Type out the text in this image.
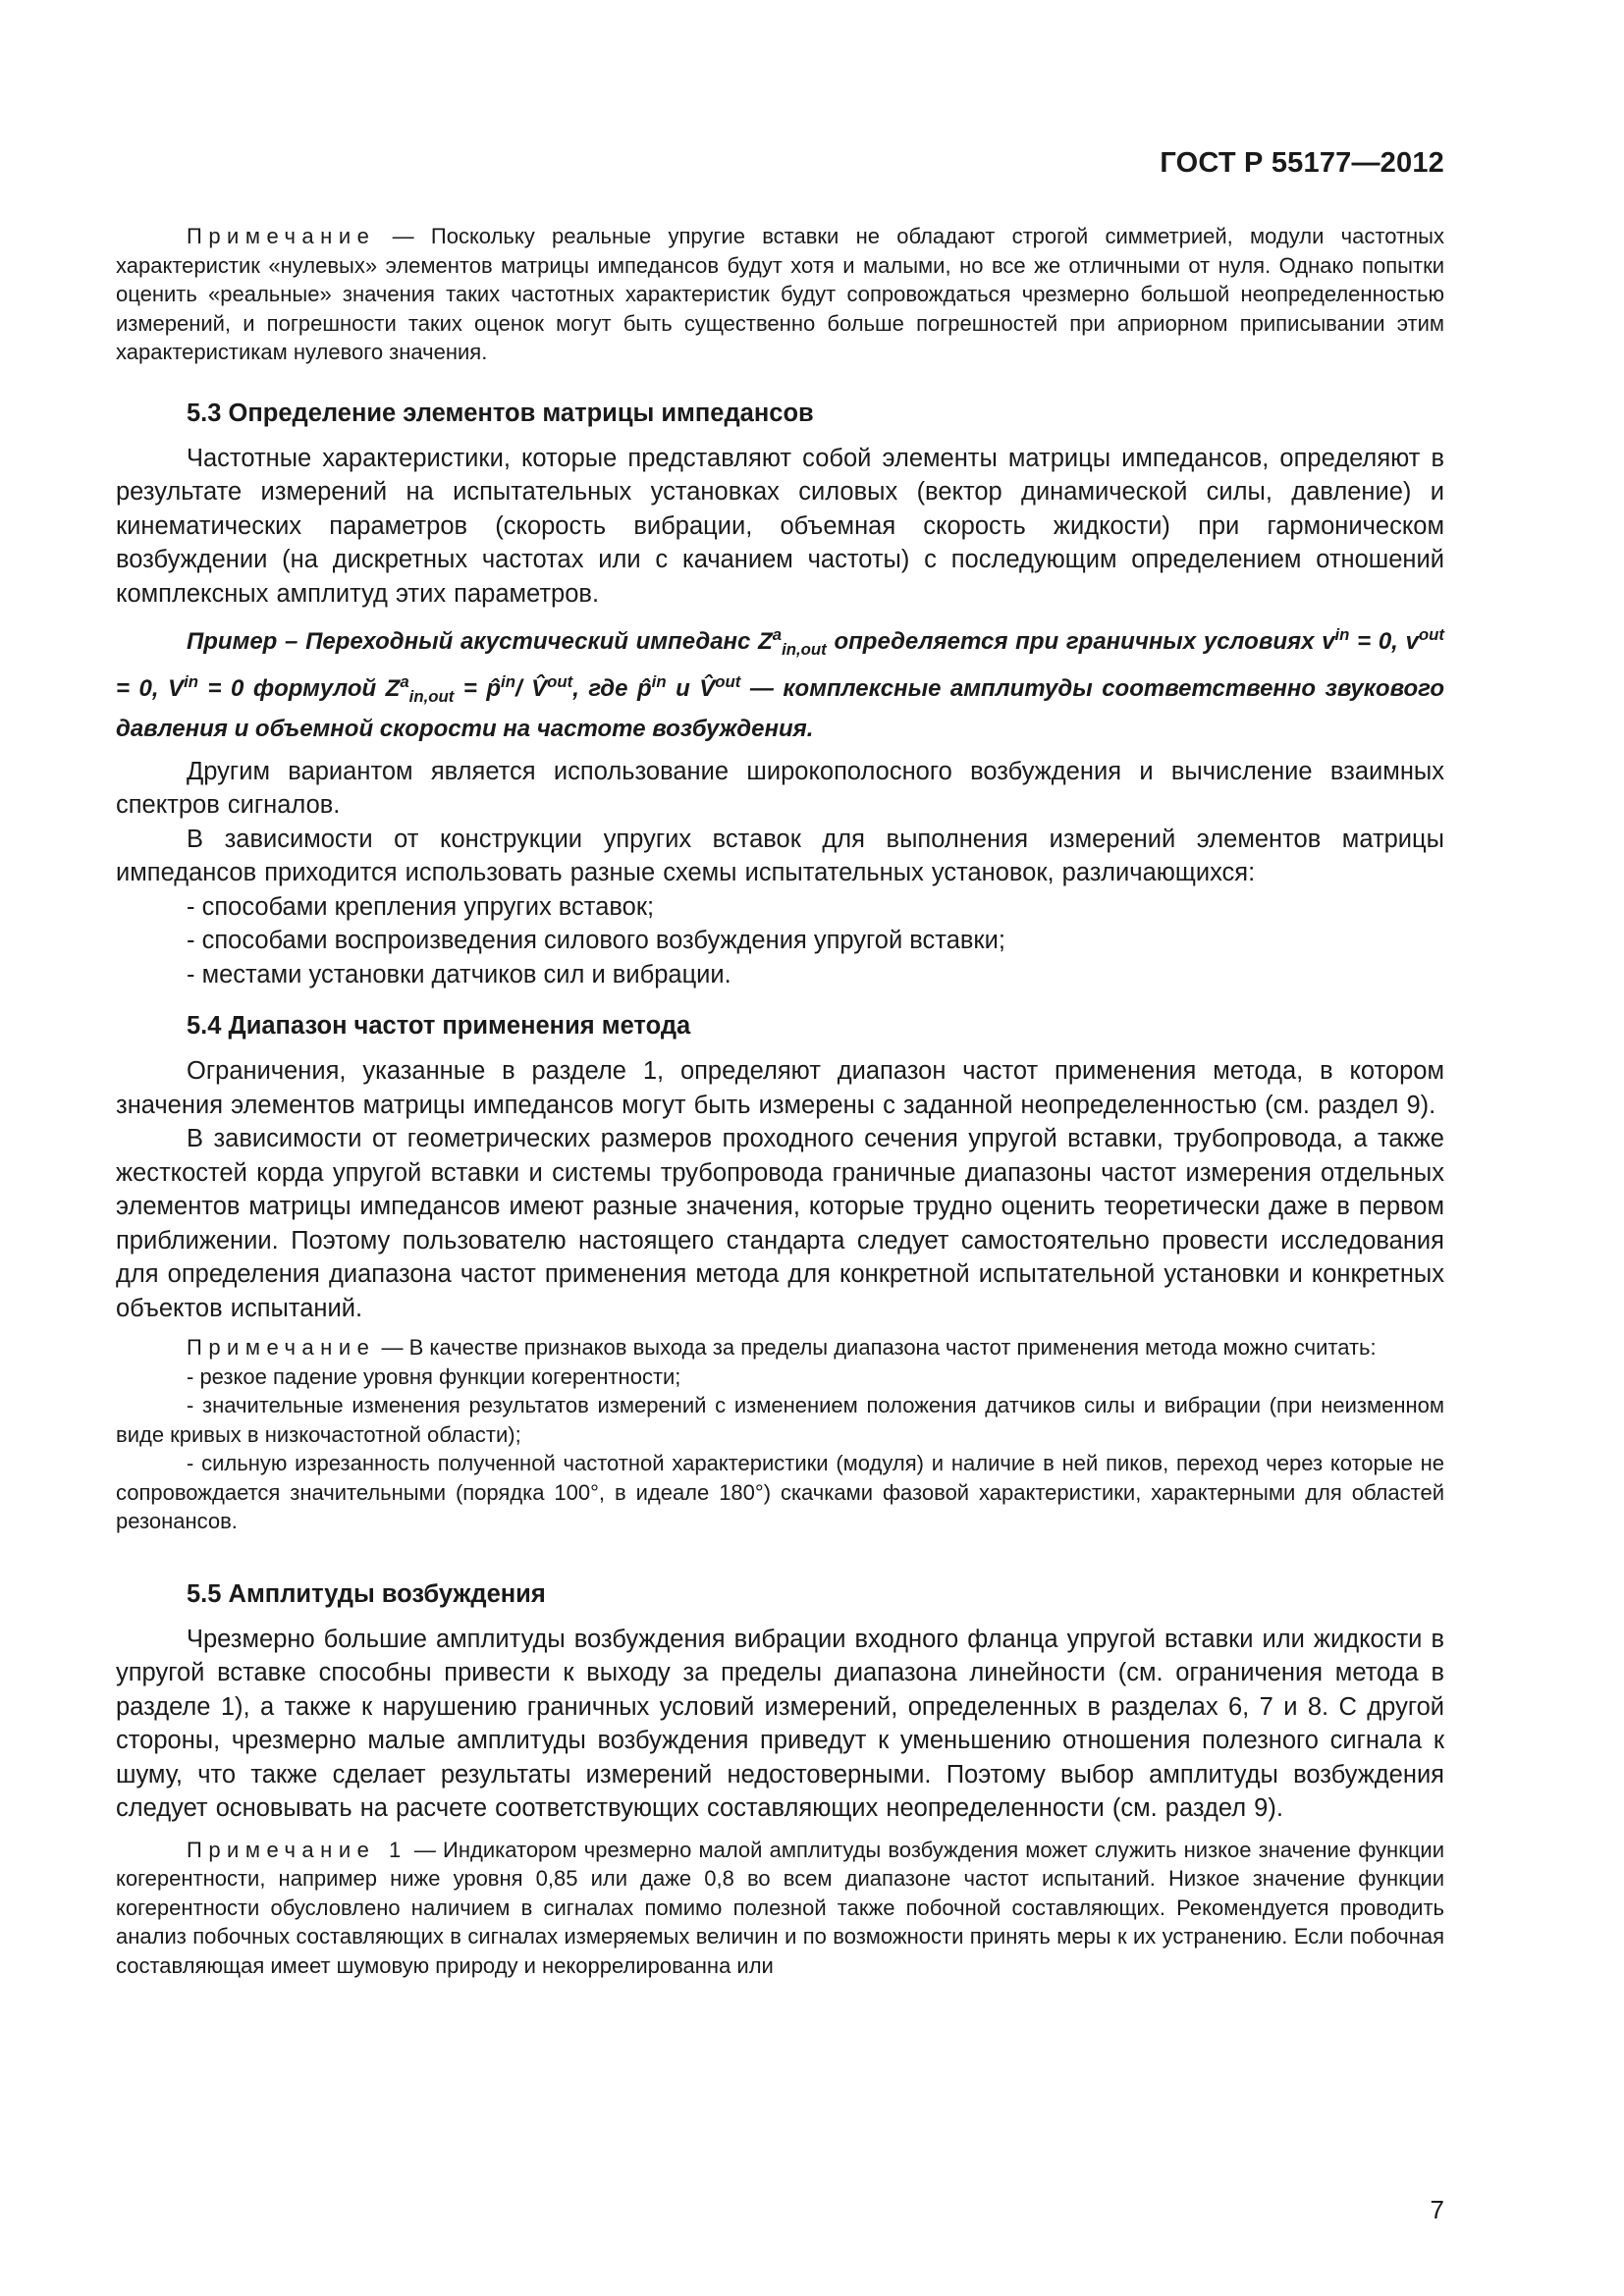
ГОСТ Р 55177—2012

Примечание — Поскольку реальные упругие вставки не обладают строгой симметрией, модули частотных характеристик «нулевых» элементов матрицы импедансов будут хотя и малыми, но все же отличными от нуля. Однако попытки оценить «реальные» значения таких частотных характеристик будут сопровождаться чрезмерно большой неопределенностью измерений, и погрешности таких оценок могут быть существенно больше погрешностей при априорном приписывании этим характеристикам нулевого значения.

5.3 Определение элементов матрицы импедансов

Частотные характеристики, которые представляют собой элементы матрицы импедансов, определяют в результате измерений на испытательных установках силовых (вектор динамической силы, давление) и кинематических параметров (скорость вибрации, объемная скорость жидкости) при гармоническом возбуждении (на дискретных частотах или с качанием частоты) с последующим определением отношений комплексных амплитуд этих параметров.

Пример – Переходный акустический импеданс $Z^a_{in,out}$ определяется при граничных условиях $v^{in} = 0$, $v^{out} = 0$, $V^{in} = 0$ формулой $Z^a_{in,out}$ = p̂$^{in}$/ V̂$^{out}$, где p̂$^{in}$ и V̂$^{out}$ — комплексные амплитуды соответственно звукового давления и объемной скорости на частоте возбуждения.

Другим вариантом является использование широкополосного возбуждения и вычисление взаимных спектров сигналов.

В зависимости от конструкции упругих вставок для выполнения измерений элементов матрицы импедансов приходится использовать разные схемы испытательных установок, различающихся:

- способами крепления упругих вставок;
- способами воспроизведения силового возбуждения упругой вставки;
- местами установки датчиков сил и вибрации.
5.4 Диапазон частот применения метода

Ограничения, указанные в разделе 1, определяют диапазон частот применения метода, в котором значения элементов матрицы импедансов могут быть измерены с заданной неопределенностью (см. раздел 9).

В зависимости от геометрических размеров проходного сечения упругой вставки, трубопровода, а также жесткостей корда упругой вставки и системы трубопровода граничные диапазоны частот измерения отдельных элементов матрицы импедансов имеют разные значения, которые трудно оценить теоретически даже в первом приближении. Поэтому пользователю настоящего стандарта следует самостоятельно провести исследования для определения диапазона частот применения метода для конкретной испытательной установки и конкретных объектов испытаний.

Примечание — В качестве признаков выхода за пределы диапазона частот применения метода можно считать:

- резкое падение уровня функции когерентности;

- значительные изменения результатов измерений с изменением положения датчиков силы и вибрации (при неизменном виде кривых в низкочастотной области);

- сильную изрезанность полученной частотной характеристики (модуля) и наличие в ней пиков, переход через которые не сопровождается значительными (порядка 100°, в идеале 180°) скачками фазовой характеристики, характерными для областей резонансов.

5.5 Амплитуды возбуждения

Чрезмерно большие амплитуды возбуждения вибрации входного фланца упругой вставки или жидкости в упругой вставке способны привести к выходу за пределы диапазона линейности (см. ограничения метода в разделе 1), а также к нарушению граничных условий измерений, определенных в разделах 6, 7 и 8. С другой стороны, чрезмерно малые амплитуды возбуждения приведут к уменьшению отношения полезного сигнала к шуму, что также сделает результаты измерений недостоверными. Поэтому выбор амплитуды возбуждения следует основывать на расчете соответствующих составляющих неопределенности (см. раздел 9).

Примечание 1 — Индикатором чрезмерно малой амплитуды возбуждения может служить низкое значение функции когерентности, например ниже уровня 0,85 или даже 0,8 во всем диапазоне частот испытаний. Низкое значение функции когерентности обусловлено наличием в сигналах помимо полезной также побочной составляющих. Рекомендуется проводить анализ побочных составляющих в сигналах измеряемых величин и по возможности принять меры к их устранению. Если побочная составляющая имеет шумовую природу и некоррелированна или

7
